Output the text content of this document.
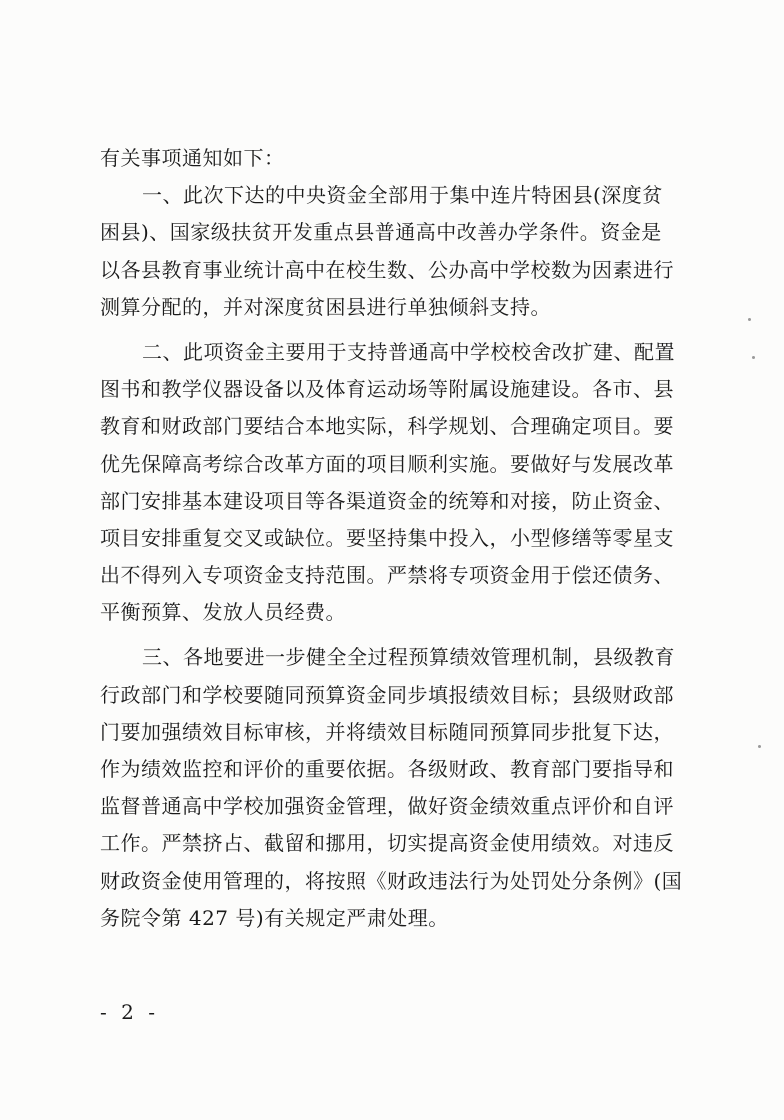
有关事项通知如下：
一、此次下达的中央资金全部用于集中连片特困县(深度贫
困县)、国家级扶贫开发重点县普通高中改善办学条件。资金是
以各县教育事业统计高中在校生数、公办高中学校数为因素进行
测算分配的，并对深度贫困县进行单独倾斜支持。
二、此项资金主要用于支持普通高中学校校舍改扩建、配置
图书和教学仪器设备以及体育运动场等附属设施建设。各市、县
教育和财政部门要结合本地实际，科学规划、合理确定项目。要
优先保障高考综合改革方面的项目顺利实施。要做好与发展改革
部门安排基本建设项目等各渠道资金的统筹和对接，防止资金、
项目安排重复交叉或缺位。要坚持集中投入，小型修缮等零星支
出不得列入专项资金支持范围。严禁将专项资金用于偿还债务、
平衡预算、发放人员经费。
三、各地要进一步健全全过程预算绩效管理机制，县级教育
行政部门和学校要随同预算资金同步填报绩效目标；县级财政部
门要加强绩效目标审核，并将绩效目标随同预算同步批复下达，
作为绩效监控和评价的重要依据。各级财政、教育部门要指导和
监督普通高中学校加强资金管理，做好资金绩效重点评价和自评
工作。严禁挤占、截留和挪用，切实提高资金使用绩效。对违反
财政资金使用管理的，将按照《财政违法行为处罚处分条例》(国
务院令第 427 号)有关规定严肃处理。
- 2 -
